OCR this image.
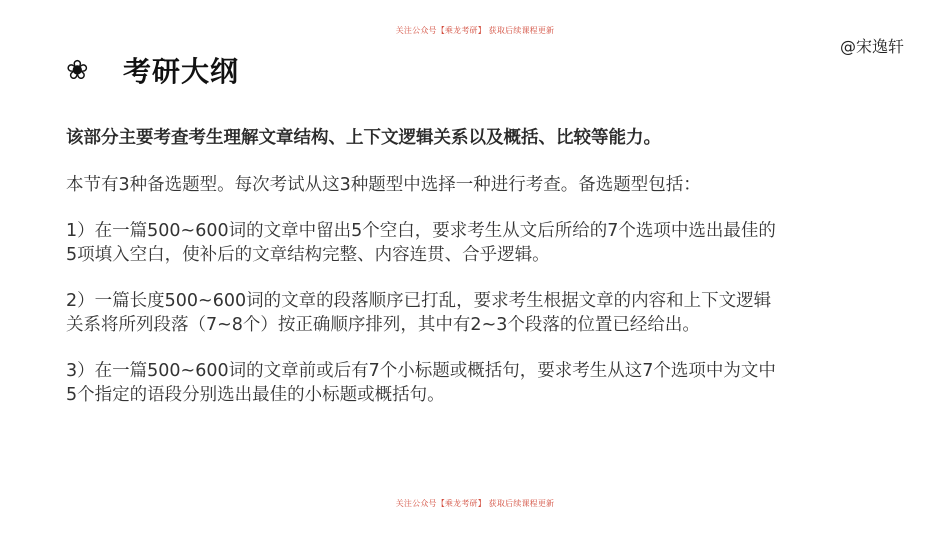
关注公众号【乘龙考研】 获取后续课程更新
@宋逸轩
❀ 考研大纲

该部分主要考查考生理解文章结构、上下文逻辑关系以及概括、比较等能力。

本节有3种备选题型。每次考试从这3种题型中选择一种进行考查。备选题型包括：

1）在一篇500~600词的文章中留出5个空白，要求考生从文后所给的7个选项中选出最佳的

5项填入空白，使补后的文章结构完整、内容连贯、合乎逻辑。

2）一篇长度500~600词的文章的段落顺序已打乱，要求考生根据文章的内容和上下文逻辑

关系将所列段落（7~8个）按正确顺序排列，其中有2~3个段落的位置已经给出。

3）在一篇500~600词的文章前或后有7个小标题或概括句，要求考生从这7个选项中为文中

5个指定的语段分别选出最佳的小标题或概括句。

关注公众号【乘龙考研】 获取后续课程更新
